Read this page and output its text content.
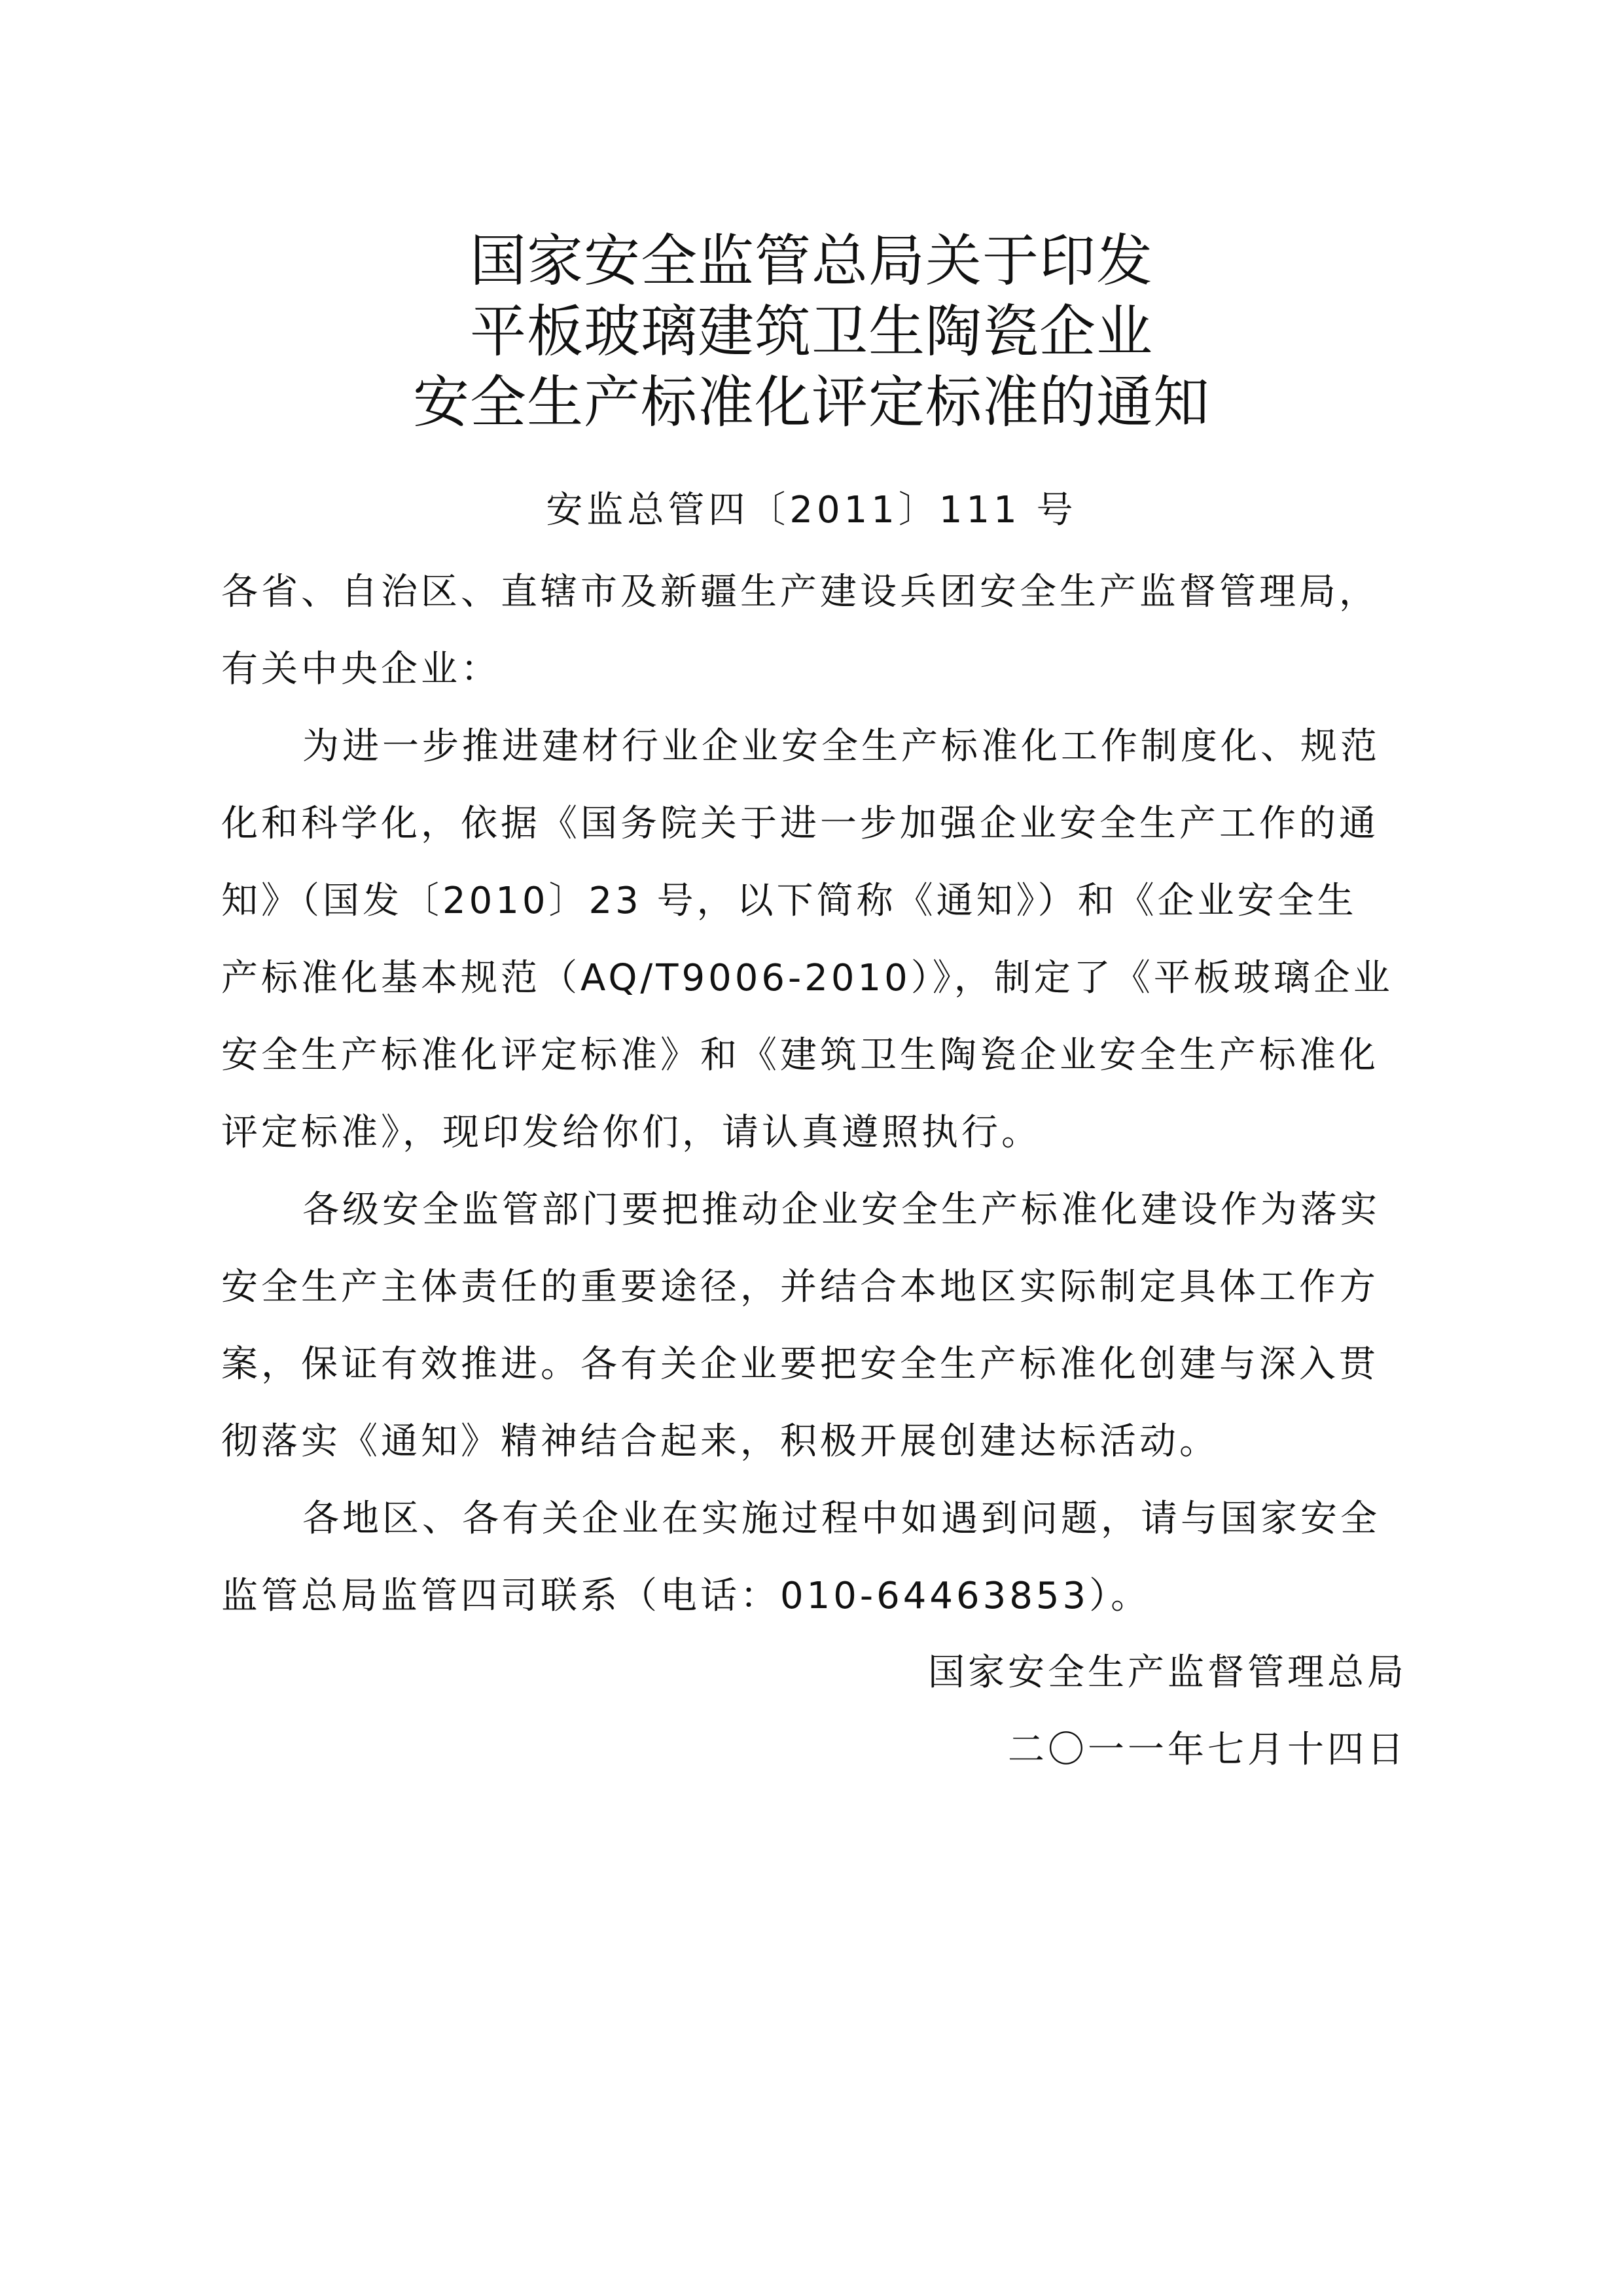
国家安全监管总局关于印发
平板玻璃建筑卫生陶瓷企业
安全生产标准化评定标准的通知
安监总管四〔2011〕111 号
各省、自治区、直辖市及新疆生产建设兵团安全生产监督管理局，
有关中央企业：
为进一步推进建材行业企业安全生产标准化工作制度化、规范
化和科学化，依据《国务院关于进一步加强企业安全生产工作的通
知》（国发〔2010〕23 号，以下简称《通知》）和《企业安全生
产标准化基本规范（AQ/T9006-2010）》，制定了《平板玻璃企业
安全生产标准化评定标准》和《建筑卫生陶瓷企业安全生产标准化
评定标准》，现印发给你们，请认真遵照执行。
各级安全监管部门要把推动企业安全生产标准化建设作为落实
安全生产主体责任的重要途径，并结合本地区实际制定具体工作方
案，保证有效推进。各有关企业要把安全生产标准化创建与深入贯
彻落实《通知》精神结合起来，积极开展创建达标活动。
各地区、各有关企业在实施过程中如遇到问题，请与国家安全
监管总局监管四司联系（电话：010-64463853）。
国家安全生产监督管理总局
二〇一一年七月十四日
